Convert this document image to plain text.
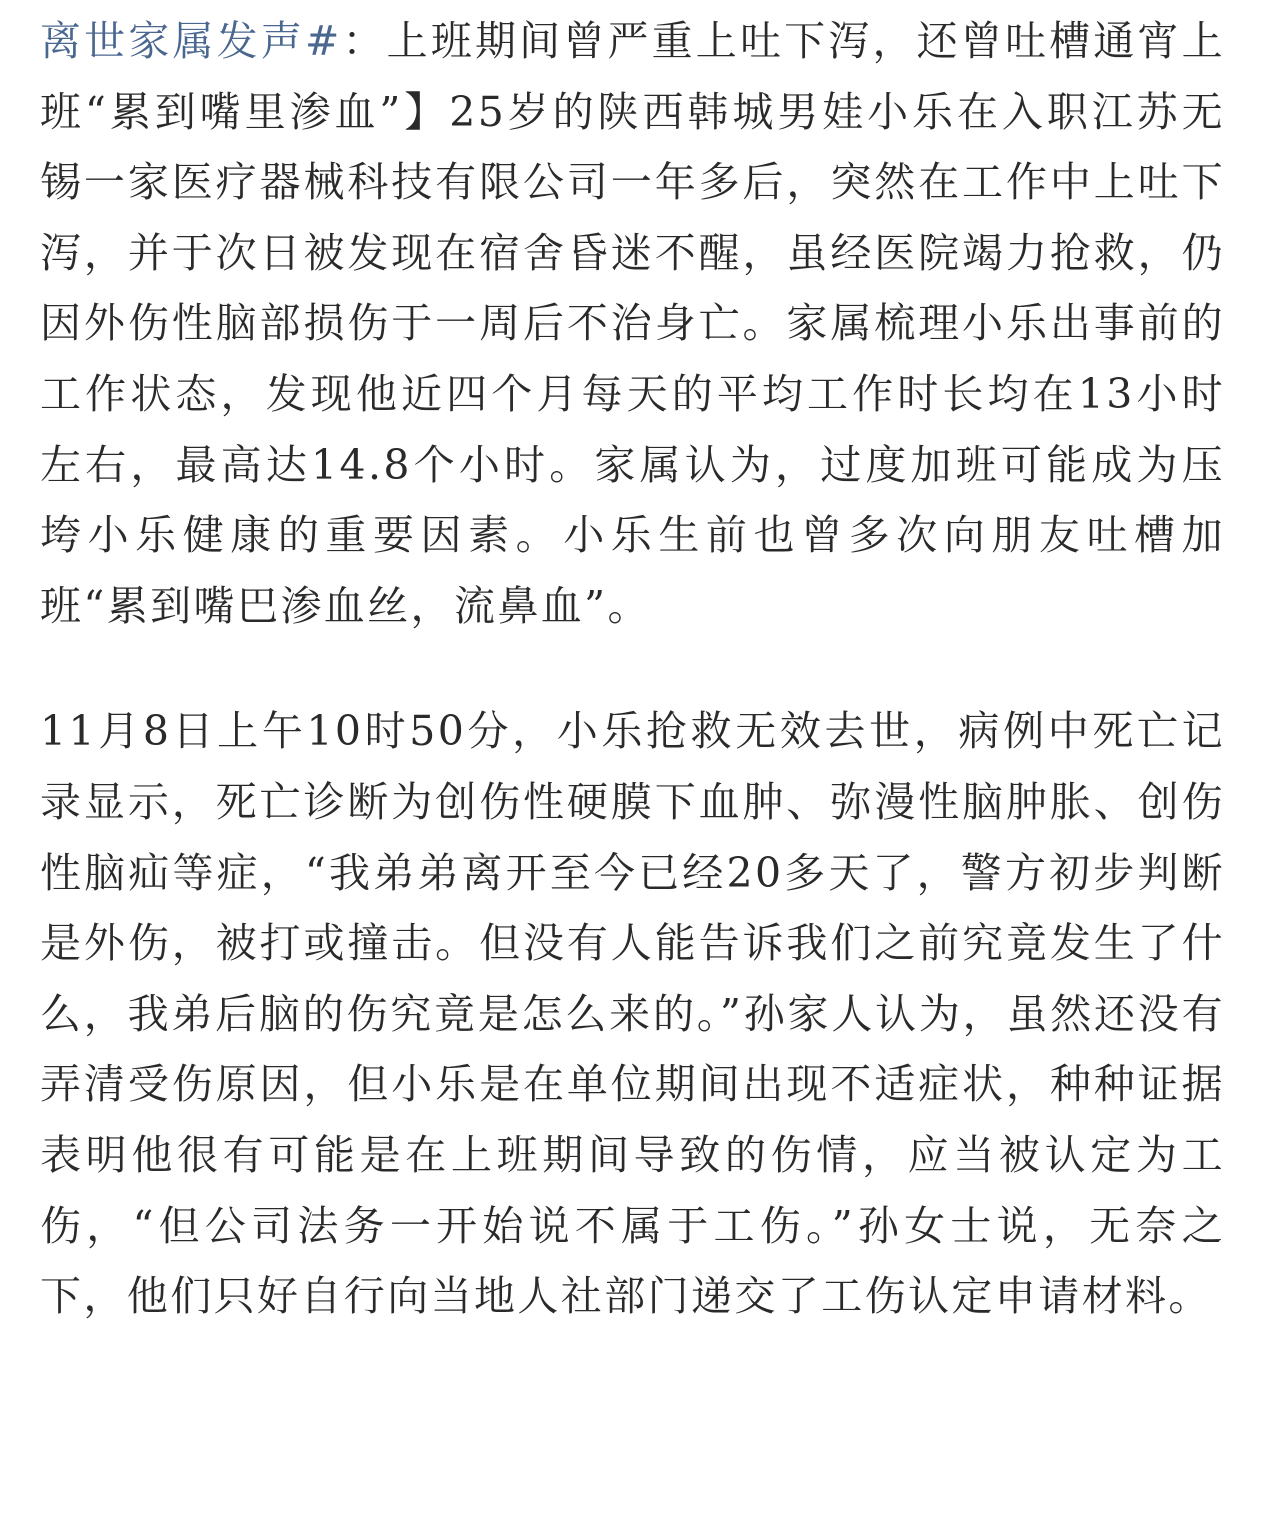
离世家属发声#：上班期间曾严重上吐下泻，还曾吐槽通宵上班“累到嘴里渗血”】25岁的陕西韩城男娃小乐在入职江苏无锡一家医疗器械科技有限公司一年多后，突然在工作中上吐下泻，并于次日被发现在宿舍昏迷不醒，虽经医院竭力抢救，仍因外伤性脑部损伤于一周后不治身亡。家属梳理小乐出事前的工作状态，发现他近四个月每天的平均工作时长均在13小时左右，最高达14.8个小时。家属认为，过度加班可能成为压垮小乐健康的重要因素。小乐生前也曾多次向朋友吐槽加班“累到嘴巴渗血丝，流鼻血”。

11月8日上午10时50分，小乐抢救无效去世，病例中死亡记录显示，死亡诊断为创伤性硬膜下血肿、弥漫性脑肿胀、创伤性脑疝等症，“我弟弟离开至今已经20多天了，警方初步判断是外伤，被打或撞击。但没有人能告诉我们之前究竟发生了什么，我弟后脑的伤究竟是怎么来的。”孙家人认为，虽然还没有弄清受伤原因，但小乐是在单位期间出现不适症状，种种证据表明他很有可能是在上班期间导致的伤情，应当被认定为工伤，“但公司法务一开始说不属于工伤。”孙女士说，无奈之下，他们只好自行向当地人社部门递交了工伤认定申请材料。
